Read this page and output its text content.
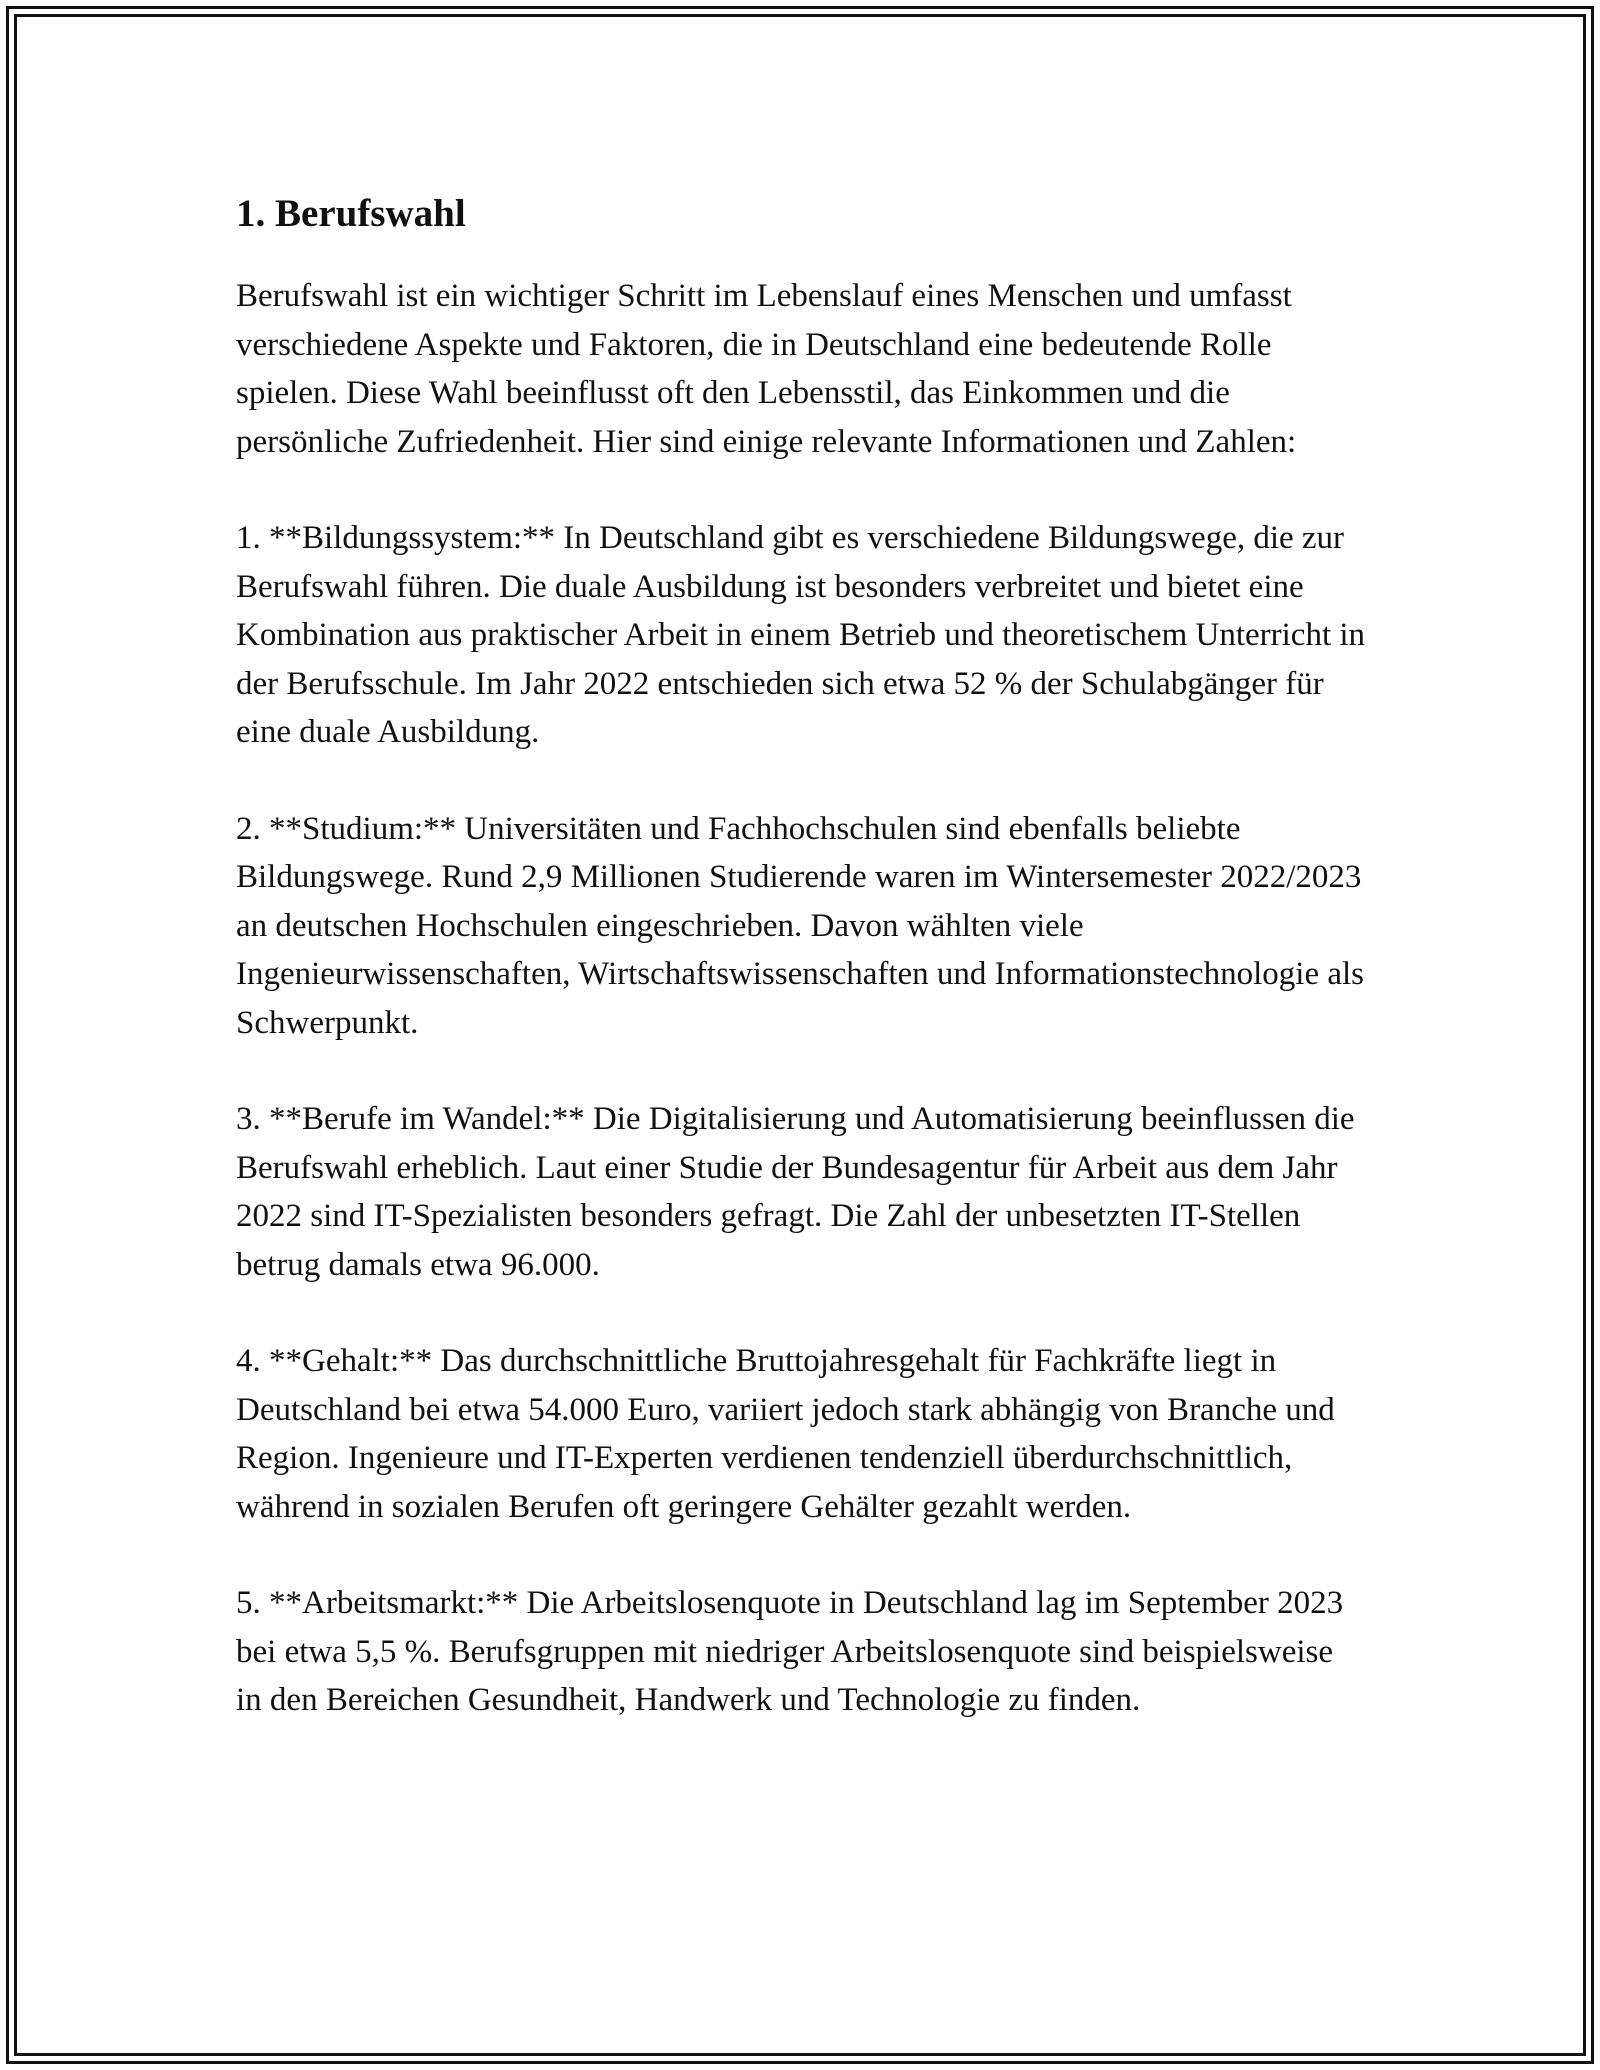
1. Berufswahl

Berufswahl ist ein wichtiger Schritt im Lebenslauf eines Menschen und umfasst verschiedene Aspekte und Faktoren, die in Deutschland eine bedeutende Rolle spielen. Diese Wahl beeinflusst oft den Lebensstil, das Einkommen und die persönliche Zufriedenheit. Hier sind einige relevante Informationen und Zahlen:

1. **Bildungssystem:** In Deutschland gibt es verschiedene Bildungswege, die zur Berufswahl führen. Die duale Ausbildung ist besonders verbreitet und bietet eine Kombination aus praktischer Arbeit in einem Betrieb und theoretischem Unterricht in der Berufsschule. Im Jahr 2022 entschieden sich etwa 52 % der Schulabgänger für eine duale Ausbildung.

2. **Studium:** Universitäten und Fachhochschulen sind ebenfalls beliebte Bildungswege. Rund 2,9 Millionen Studierende waren im Wintersemester 2022/2023 an deutschen Hochschulen eingeschrieben. Davon wählten viele Ingenieurwissenschaften, Wirtschaftswissenschaften und Informationstechnologie als Schwerpunkt.

3. **Berufe im Wandel:** Die Digitalisierung und Automatisierung beeinflussen die Berufswahl erheblich. Laut einer Studie der Bundesagentur für Arbeit aus dem Jahr 2022 sind IT-Spezialisten besonders gefragt. Die Zahl der unbesetzten IT-Stellen betrug damals etwa 96.000.

4. **Gehalt:** Das durchschnittliche Bruttojahresgehalt für Fachkräfte liegt in Deutschland bei etwa 54.000 Euro, variiert jedoch stark abhängig von Branche und Region. Ingenieure und IT-Experten verdienen tendenziell überdurchschnittlich, während in sozialen Berufen oft geringere Gehälter gezahlt werden.

5. **Arbeitsmarkt:** Die Arbeitslosenquote in Deutschland lag im September 2023 bei etwa 5,5 %. Berufsgruppen mit niedriger Arbeitslosenquote sind beispielsweise in den Bereichen Gesundheit, Handwerk und Technologie zu finden.
